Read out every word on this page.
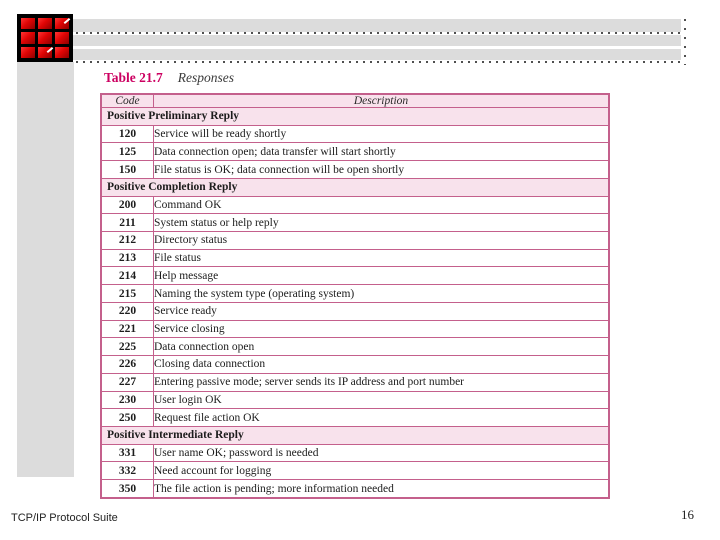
Table 21.7 Responses
Code	Description
Positive Preliminary Reply	
120	Service will be ready shortly
125	Data connection open; data transfer will start shortly
150	File status is OK; data connection will be open shortly
Positive Completion Reply	
200	Command OK
211	System status or help reply
212	Directory status
213	File status
214	Help message
215	Naming the system type (operating system)
220	Service ready
221	Service closing
225	Data connection open
226	Closing data connection
227	Entering passive mode; server sends its IP address and port number
230	User login OK
250	Request file action OK
Positive Intermediate Reply	
331	User name OK; password is needed
332	Need account for logging
350	The file action is pending; more information needed
TCP/IP Protocol Suite	16
